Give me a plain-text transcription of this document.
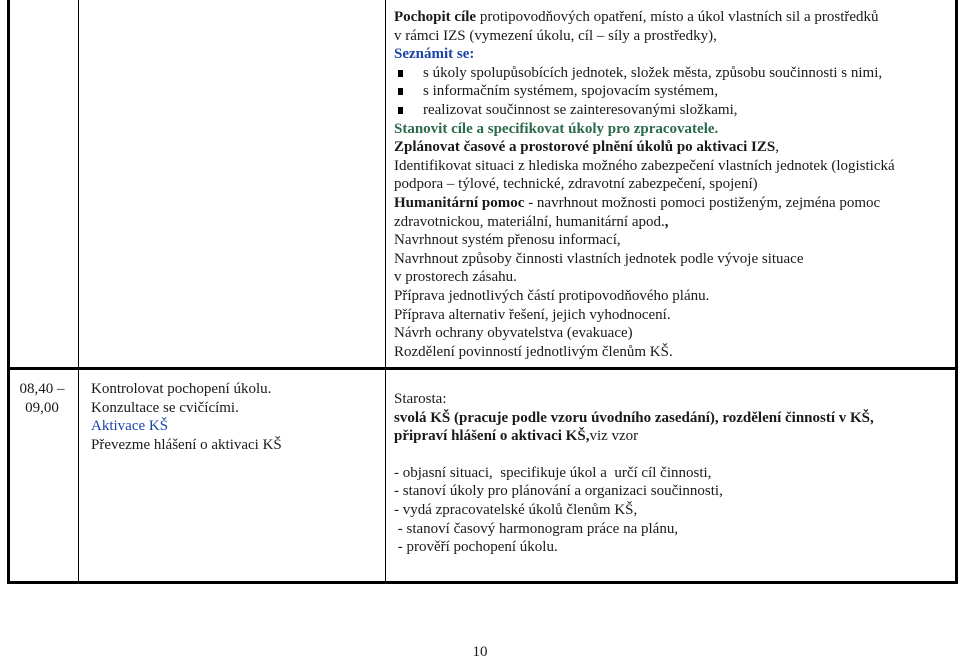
Pochopit cíle protipovodňových opatření, místo a úkol vlastních sil a prostředků
v rámci IZS (vymezení úkolu, cíl – síly a prostředky),
Seznámit se:
s úkoly spolupůsobících jednotek, složek města, způsobu součinnosti s nimi,
s informačním systémem, spojovacím systémem,
realizovat součinnost se zainteresovanými složkami,
Stanovit cíle a specifikovat úkoly pro zpracovatele.
Zplánovat časové a prostorové plnění úkolů po aktivaci IZS,
Identifikovat situaci z hlediska možného zabezpečení vlastních jednotek (logistická
podpora – týlové, technické, zdravotní zabezpečení, spojení)
Humanitární pomoc - navrhnout možnosti pomoci postiženým, zejména pomoc
zdravotnickou, materiální, humanitární apod.,
Navrhnout systém přenosu informací,
Navrhnout způsoby činnosti vlastních jednotek podle vývoje situace
v prostorech zásahu.
Příprava jednotlivých částí protipovodňového plánu.
Příprava alternativ řešení, jejich vyhodnocení.
Návrh ochrany obyvatelstva (evakuace)
Rozdělení povinností jednotlivým členům KŠ.
08,40 –
09,00
Kontrolovat pochopení úkolu.
Konzultace se cvičícími.
Aktivace KŠ
Převezme hlášení o aktivaci KŠ
Starosta:
svolá KŠ (pracuje podle vzoru úvodního zasedání), rozdělení činností v KŠ,
připraví hlášení o aktivaci KŠ,viz vzor
- objasní situaci,  specifikuje úkol a  určí cíl činnosti,
- stanoví úkoly pro plánování a organizaci součinnosti,
- vydá zpracovatelské úkolů členům KŠ,
- stanoví časový harmonogram práce na plánu,
- prověří pochopení úkolu.
10
